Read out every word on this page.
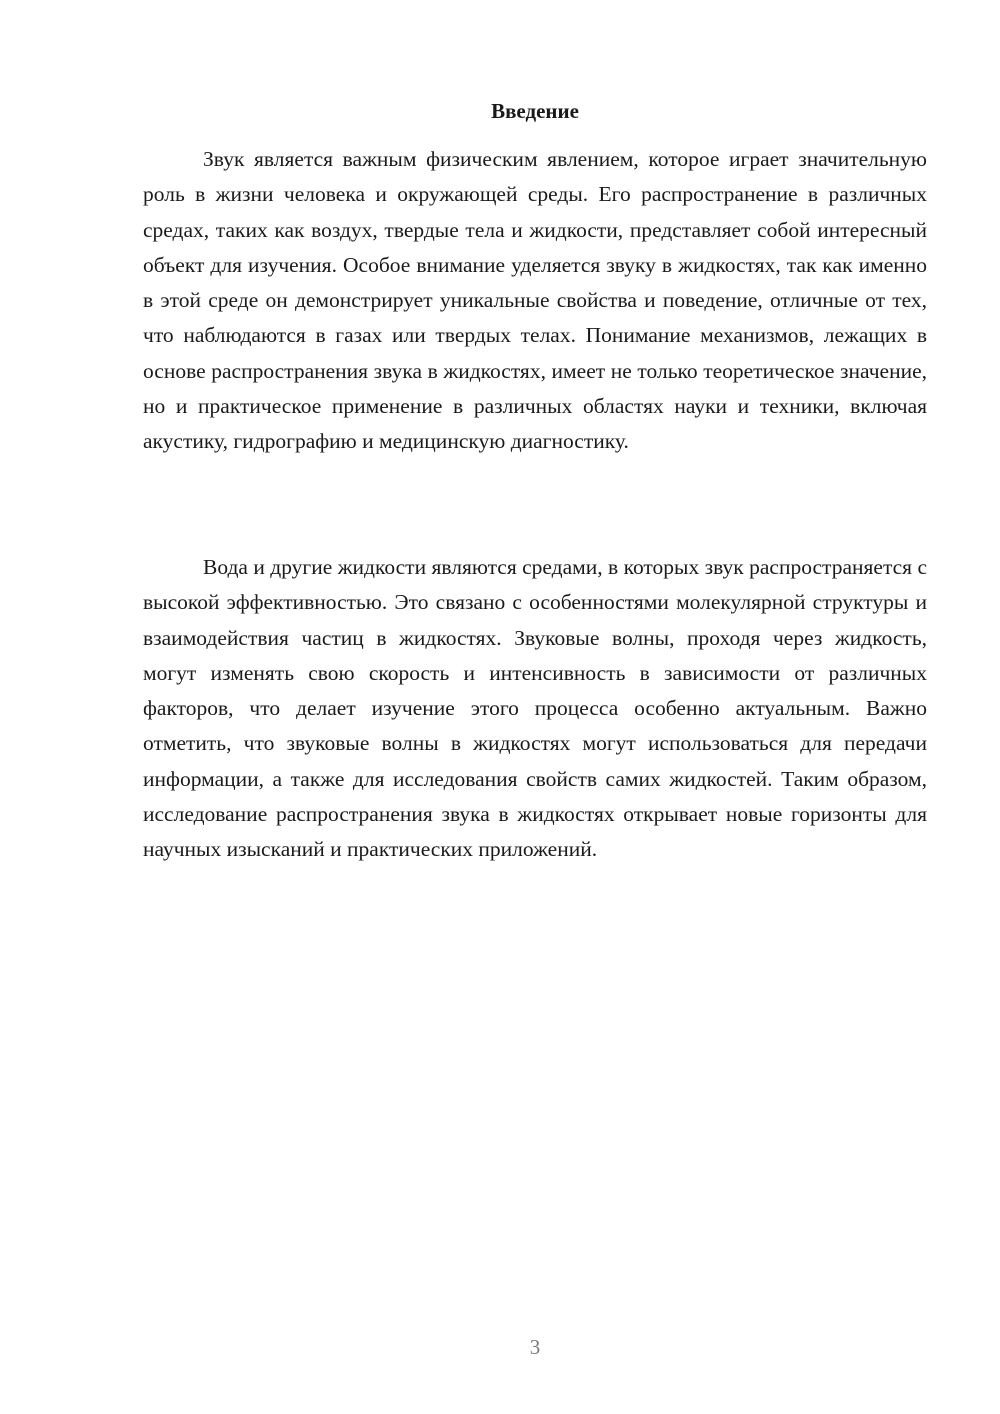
Введение

Звук является важным физическим явлением, которое играет значительную роль в жизни человека и окружающей среды. Его распространение в различных средах, таких как воздух, твердые тела и жидкости, представляет собой интересный объект для изучения. Особое внимание уделяется звуку в жидкостях, так как именно в этой среде он демонстрирует уникальные свойства и поведение, отличные от тех, что наблюдаются в газах или твердых телах. Понимание механизмов, лежащих в основе распространения звука в жидкостях, имеет не только теоретическое значение, но и практическое применение в различных областях науки и техники, включая акустику, гидрографию и медицинскую диагностику.

Вода и другие жидкости являются средами, в которых звук распространяется с высокой эффективностью. Это связано с особенностями молекулярной структуры и взаимодействия частиц в жидкостях. Звуковые волны, проходя через жидкость, могут изменять свою скорость и интенсивность в зависимости от различных факторов, что делает изучение этого процесса особенно актуальным. Важно отметить, что звуковые волны в жидкостях могут использоваться для передачи информации, а также для исследования свойств самих жидкостей. Таким образом, исследование распространения звука в жидкостях открывает новые горизонты для научных изысканий и практических приложений.

3
